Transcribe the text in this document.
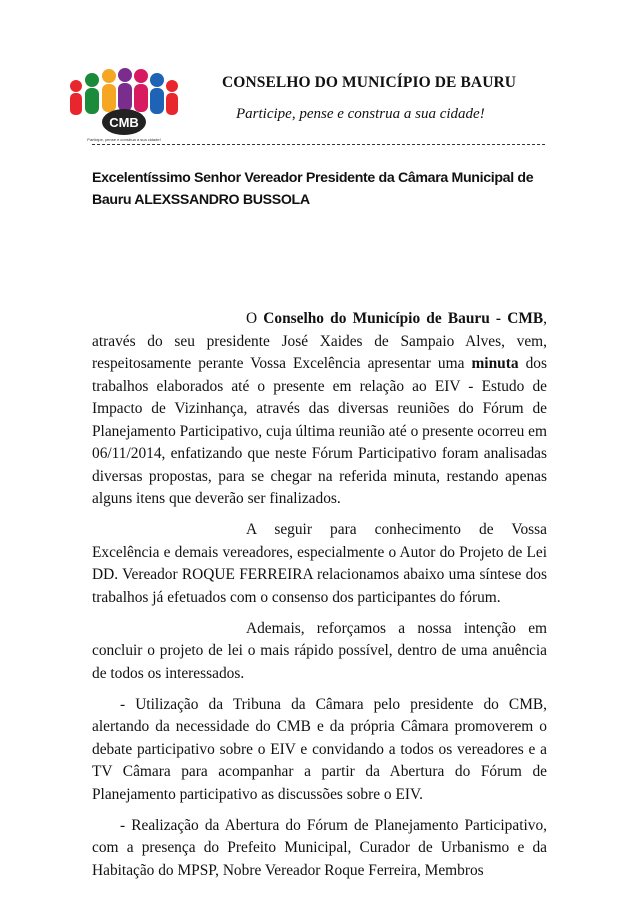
CMB
Participe, pense e construa a sua cidade!
CONSELHO DO MUNICÍPIO DE BAURU
Participe, pense e construa a sua cidade!
Excelentíssimo Senhor Vereador Presidente da Câmara Municipal de
Bauru ALEXSSANDRO BUSSOLA

O Conselho do Município de Bauru - CMB, através do seu presidente José Xaides de Sampaio Alves, vem, respeitosamente perante Vossa Excelência apresentar uma minuta dos trabalhos elaborados até o presente em relação ao EIV - Estudo de Impacto de Vizinhança, através das diversas reuniões do Fórum de Planejamento Participativo, cuja última reunião até o presente ocorreu em 06/11/2014, enfatizando que neste Fórum Participativo foram analisadas diversas propostas, para se chegar na referida minuta, restando apenas alguns itens que deverão ser finalizados.

A seguir para conhecimento de Vossa Excelência e demais vereadores, especialmente o Autor do Projeto de Lei DD. Vereador ROQUE FERREIRA relacionamos abaixo uma síntese dos trabalhos já efetuados com o consenso dos participantes do fórum.

Ademais, reforçamos a nossa intenção em concluir o projeto de lei o mais rápido possível, dentro de uma anuência de todos os interessados.

- Utilização da Tribuna da Câmara pelo presidente do CMB, alertando da necessidade do CMB e da própria Câmara promoverem o debate participativo sobre o EIV e convidando a todos os vereadores e a TV Câmara para acompanhar a partir da Abertura do Fórum de Planejamento participativo as discussões sobre o EIV.

- Realização da Abertura do Fórum de Planejamento Participativo, com a presença do Prefeito Municipal, Curador de Urbanismo e da Habitação do MPSP, Nobre Vereador Roque Ferreira, Membros
